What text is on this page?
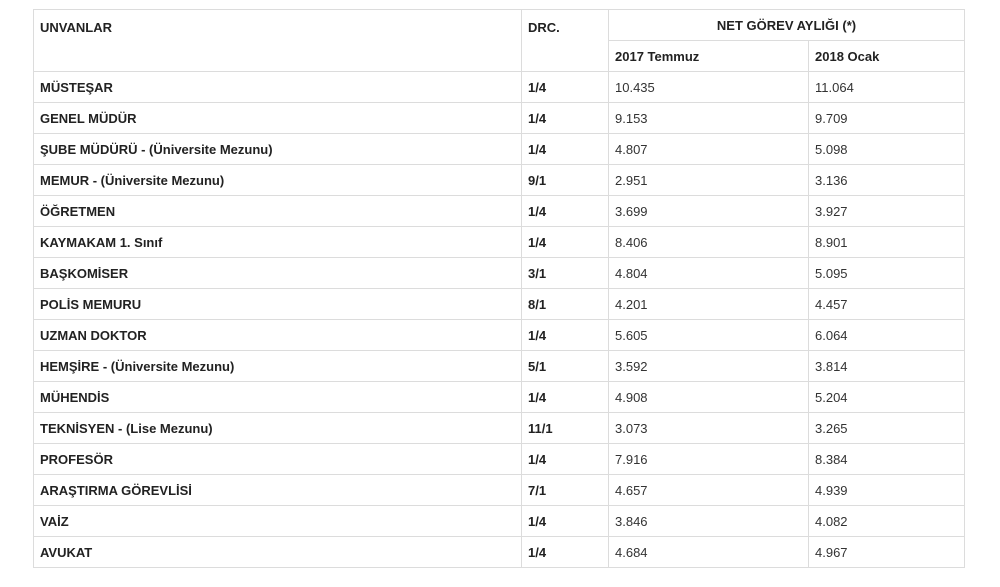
UNVANLAR	DRC.	NET GÖREV AYLIĞI (*)	
		2017 Temmuz	2018 Ocak
MÜSTEŞAR	1/4	10.435	11.064
GENEL MÜDÜR	1/4	9.153	9.709
ŞUBE MÜDÜRÜ - (Üniversite Mezunu)	1/4	4.807	5.098
MEMUR - (Üniversite Mezunu)	9/1	2.951	3.136
ÖĞRETMEN	1/4	3.699	3.927
KAYMAKAM 1. Sınıf	1/4	8.406	8.901
BAŞKOMİSER	3/1	4.804	5.095
POLİS MEMURU	8/1	4.201	4.457
UZMAN DOKTOR	1/4	5.605	6.064
HEMŞİRE - (Üniversite Mezunu)	5/1	3.592	3.814
MÜHENDİS	1/4	4.908	5.204
TEKNİSYEN - (Lise Mezunu)	11/1	3.073	3.265
PROFESÖR	1/4	7.916	8.384
ARAŞTIRMA GÖREVLİSİ	7/1	4.657	4.939
VAİZ	1/4	3.846	4.082
AVUKAT	1/4	4.684	4.967
